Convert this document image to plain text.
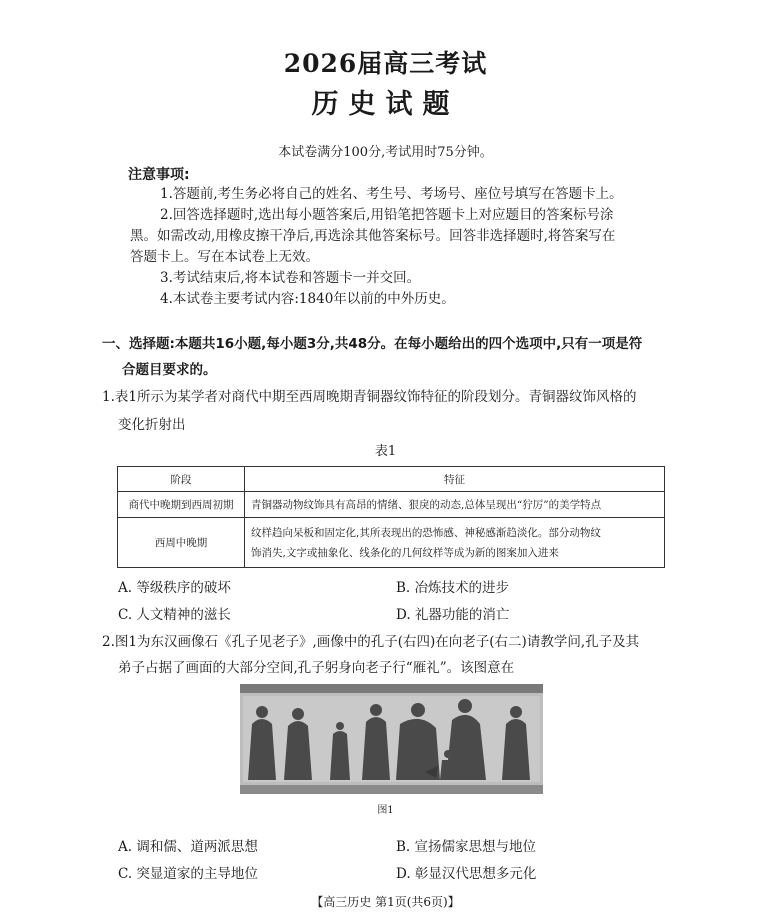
2026届高三考试
历史试题
本试卷满分100分,考试用时75分钟。
注意事项:
1.答题前,考生务必将自己的姓名、考生号、考场号、座位号填写在答题卡上。
2.回答选择题时,选出每小题答案后,用铅笔把答题卡上对应题目的答案标号涂
黑。如需改动,用橡皮擦干净后,再选涂其他答案标号。回答非选择题时,将答案写在
答题卡上。写在本试卷上无效。
3.考试结束后,将本试卷和答题卡一并交回。
4.本试卷主要考试内容:1840年以前的中外历史。
一、选择题:本题共16小题,每小题3分,共48分。在每小题给出的四个选项中,只有一项是符
合题目要求的。
1.表1所示为某学者对商代中期至西周晚期青铜器纹饰特征的阶段划分。青铜器纹饰风格的
变化折射出
表1
阶段	特征
商代中晚期到西周初期	青铜器动物纹饰具有高昂的情绪、狠戾的动态,总体呈现出“狞厉”的美学特点
西周中晚期	纹样趋向呆板和固定化,其所表现出的恐怖感、神秘感渐趋淡化。部分动物纹
饰消失,文字或抽象化、线条化的几何纹样等成为新的图案加入进来
A. 等级秩序的破坏	B. 冶炼技术的进步
C. 人文精神的滋长	D. 礼器功能的消亡
2.图1为东汉画像石《孔子见老子》,画像中的孔子(右四)在向老子(右二)请教学问,孔子及其
弟子占据了画面的大部分空间,孔子躬身向老子行“雁礼”。该图意在
图1
A. 调和儒、道两派思想	B. 宣扬儒家思想与地位
C. 突显道家的主导地位	D. 彰显汉代思想多元化
【高三历史 第1页(共6页)】
